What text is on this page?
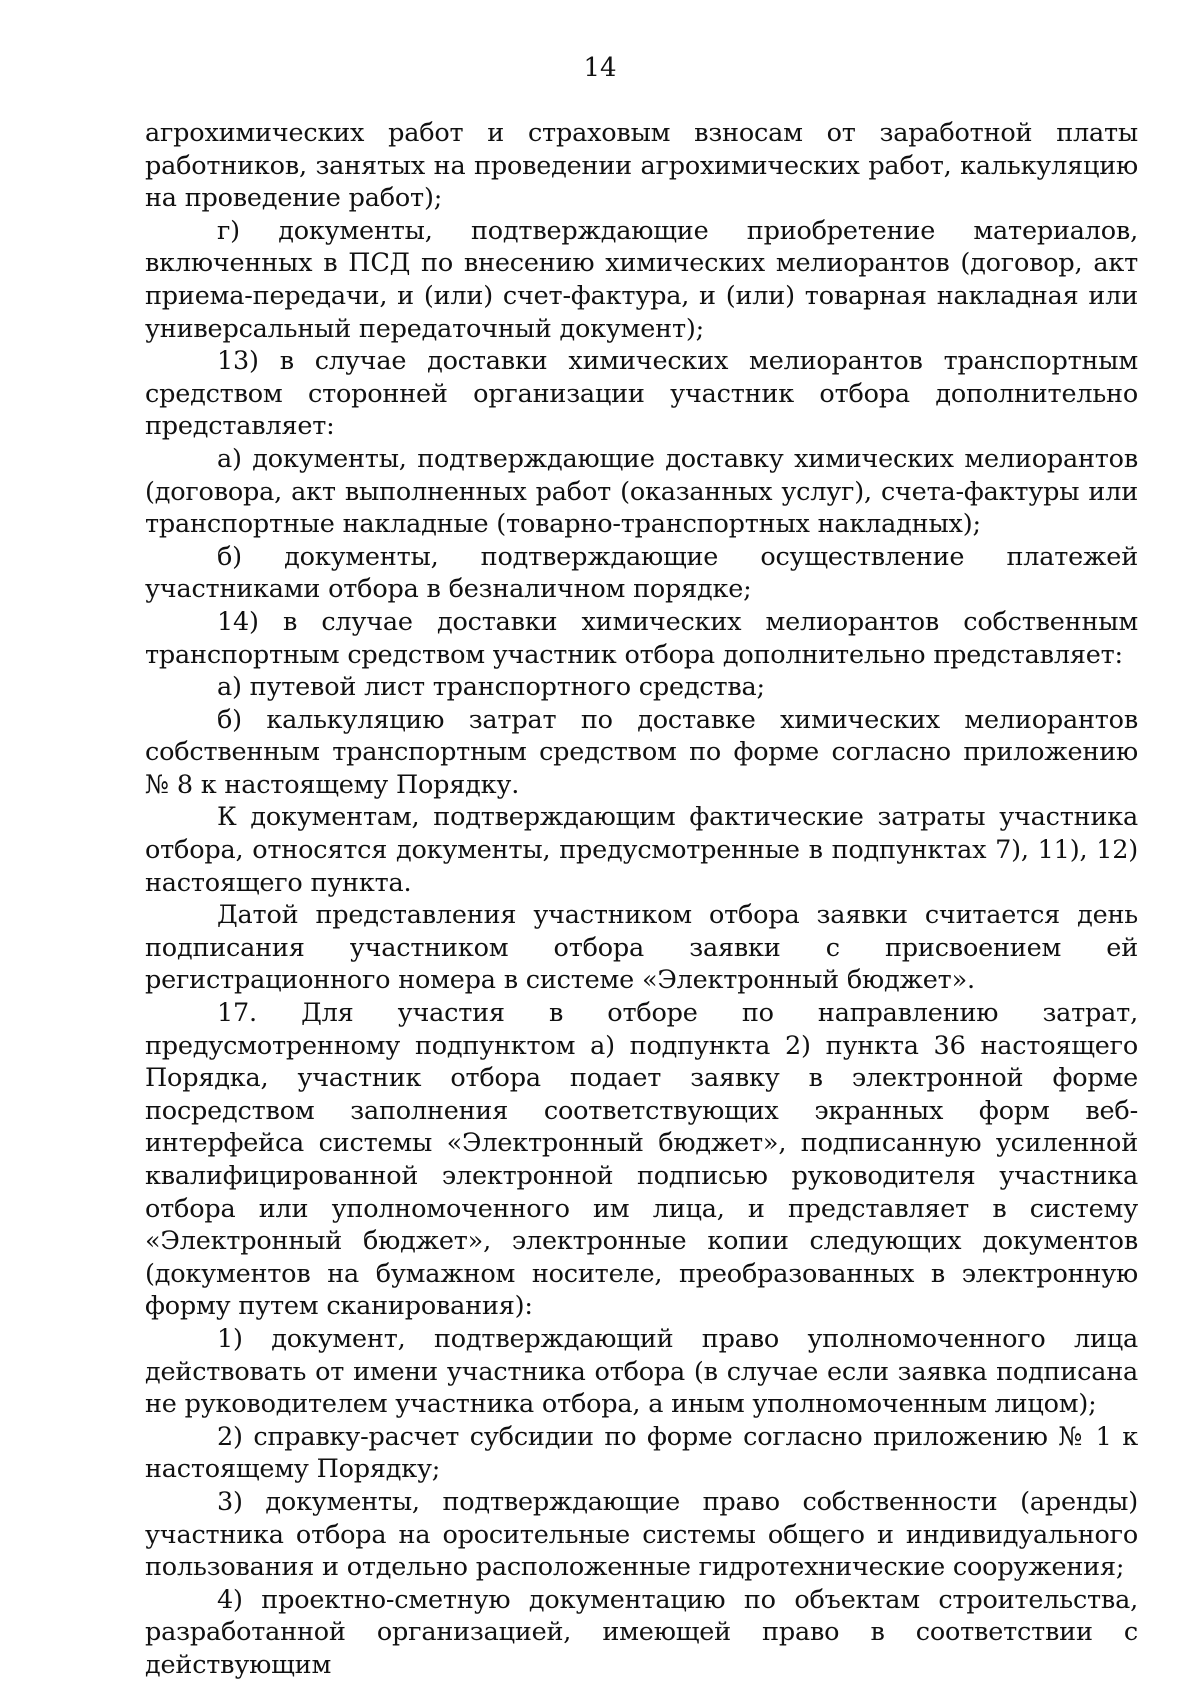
14

агрохимических работ и страховым взносам от заработной платы работников, занятых на проведении агрохимических работ, калькуляцию на проведение работ);

г) документы, подтверждающие приобретение материалов, включенных в ПСД по внесению химических мелиорантов (договор, акт приема-передачи, и (или) счет-фактура, и (или) товарная накладная или универсальный передаточный документ);

13) в случае доставки химических мелиорантов транспортным средством сторонней организации участник отбора дополнительно представляет:

а) документы, подтверждающие доставку химических мелиорантов (договора, акт выполненных работ (оказанных услуг), счета-фактуры или транспортные накладные (товарно-транспортных накладных);

б) документы, подтверждающие осуществление платежей участниками отбора в безналичном порядке;

14) в случае доставки химических мелиорантов собственным транспортным средством участник отбора дополнительно представляет:

а) путевой лист транспортного средства;

б) калькуляцию затрат по доставке химических мелиорантов собственным транспортным средством по форме согласно приложению № 8 к настоящему Порядку.

К документам, подтверждающим фактические затраты участника отбора, относятся документы, предусмотренные в подпунктах 7), 11), 12) настоящего пункта.

Датой представления участником отбора заявки считается день подписания участником отбора заявки с присвоением ей регистрационного номера в системе «Электронный бюджет».

17. Для участия в отборе по направлению затрат, предусмотренному подпунктом а) подпункта 2) пункта 36 настоящего Порядка, участник отбора подает заявку в электронной форме посредством заполнения соответствующих экранных форм веб-интерфейса системы «Электронный бюджет», подписанную усиленной квалифицированной электронной подписью руководителя участника отбора или уполномоченного им лица, и представляет в систему «Электронный бюджет», электронные копии следующих документов (документов на бумажном носителе, преобразованных в электронную форму путем сканирования):

1) документ, подтверждающий право уполномоченного лица действовать от имени участника отбора (в случае если заявка подписана не руководителем участника отбора, а иным уполномоченным лицом);

2) справку-расчет субсидии по форме согласно приложению № 1 к настоящему Порядку;

3) документы, подтверждающие право собственности (аренды) участника отбора на оросительные системы общего и индивидуального пользования и отдельно расположенные гидротехнические сооружения;

4) проектно-сметную документацию по объектам строительства, разработанной организацией, имеющей право в соответствии с действующим
